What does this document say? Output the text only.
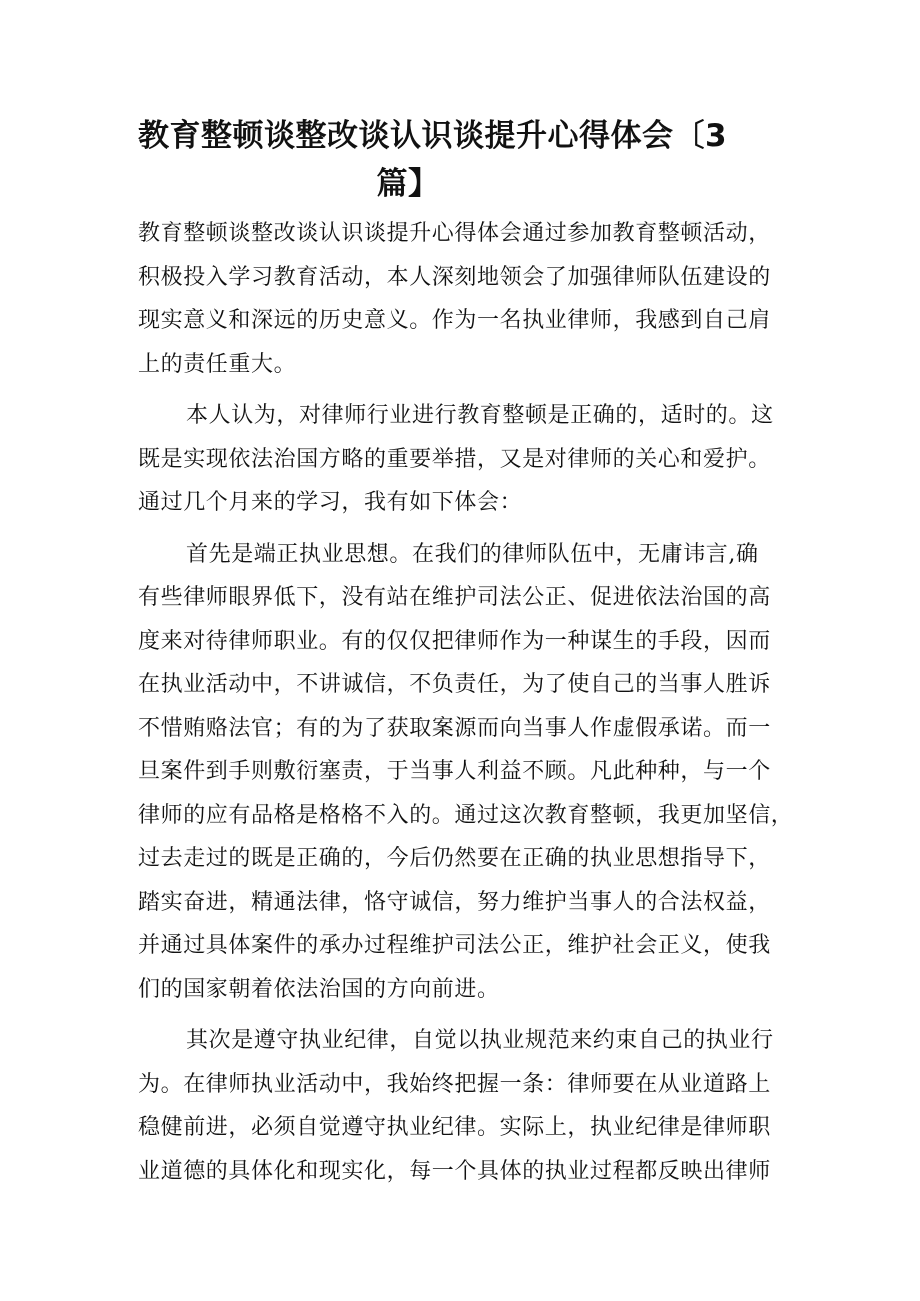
教育整顿谈整改谈认识谈提升心得体会〔3
篇】
教育整顿谈整改谈认识谈提升心得体会通过参加教育整顿活动，
积极投入学习教育活动，本人深刻地领会了加强律师队伍建设的
现实意义和深远的历史意义。作为一名执业律师，我感到自己肩
上的责任重大。
本人认为，对律师行业进行教育整顿是正确的，适时的。这
既是实现依法治国方略的重要举措，又是对律师的关心和爱护。
通过几个月来的学习，我有如下体会：
首先是端正执业思想。在我们的律师队伍中，无庸讳言,确
有些律师眼界低下，没有站在维护司法公正、促进依法治国的高
度来对待律师职业。有的仅仅把律师作为一种谋生的手段，因而
在执业活动中，不讲诚信，不负责任，为了使自己的当事人胜诉
不惜贿赂法官；有的为了获取案源而向当事人作虚假承诺。而一
旦案件到手则敷衍塞责，于当事人利益不顾。凡此种种，与一个
律师的应有品格是格格不入的。通过这次教育整顿，我更加坚信，
过去走过的既是正确的，今后仍然要在正确的执业思想指导下，
踏实奋进，精通法律，恪守诚信，努力维护当事人的合法权益，
并通过具体案件的承办过程维护司法公正，维护社会正义，使我
们的国家朝着依法治国的方向前进。
其次是遵守执业纪律，自觉以执业规范来约束自己的执业行
为。在律师执业活动中，我始终把握一条：律师要在从业道路上
稳健前进，必须自觉遵守执业纪律。实际上，执业纪律是律师职
业道德的具体化和现实化，每一个具体的执业过程都反映出律师
